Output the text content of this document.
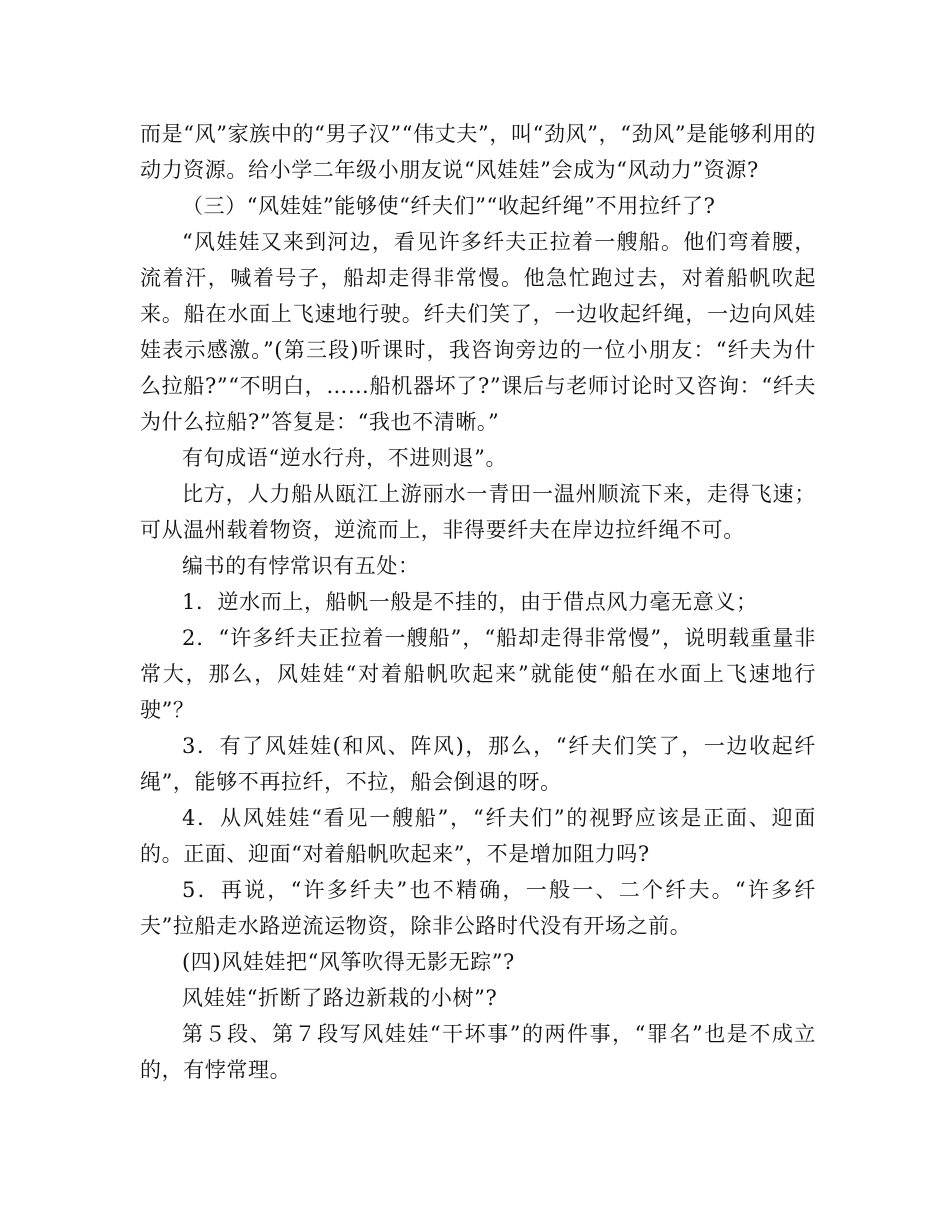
而是“风”家族中的“男子汉”“伟丈夫”，叫“劲风”，“劲风”是能够利用的动力资源。给小学二年级小朋友说“风娃娃”会成为“风动力”资源?

（三）“风娃娃”能够使“纤夫们”“收起纤绳”不用拉纤了?

“风娃娃又来到河边，看见许多纤夫正拉着一艘船。他们弯着腰，流着汗，喊着号子，船却走得非常慢。他急忙跑过去，对着船帆吹起来。船在水面上飞速地行驶。纤夫们笑了，一边收起纤绳，一边向风娃娃表示感激。”(第三段)听课时，我咨询旁边的一位小朋友：“纤夫为什么拉船?”“不明白，……船机器坏了?”课后与老师讨论时又咨询：“纤夫为什么拉船?”答复是：“我也不清晰。”

有句成语“逆水行舟，不进则退”。

比方，人力船从瓯江上游丽水一青田一温州顺流下来，走得飞速；可从温州载着物资，逆流而上，非得要纤夫在岸边拉纤绳不可。

编书的有悖常识有五处：

1．逆水而上，船帆一般是不挂的，由于借点风力毫无意义；

2．“许多纤夫正拉着一艘船”，“船却走得非常慢”，说明载重量非常大，那么，风娃娃“对着船帆吹起来”就能使“船在水面上飞速地行驶”？

3．有了风娃娃(和风、阵风)，那么，“纤夫们笑了，一边收起纤绳”，能够不再拉纤，不拉，船会倒退的呀。

4．从风娃娃“看见一艘船”，“纤夫们”的视野应该是正面、迎面的。正面、迎面“对着船帆吹起来”，不是增加阻力吗?

5．再说，“许多纤夫”也不精确，一般一、二个纤夫。“许多纤夫”拉船走水路逆流运物资，除非公路时代没有开场之前。

(四)风娃娃把“风筝吹得无影无踪”?

风娃娃“折断了路边新栽的小树”?

第５段、第７段写风娃娃“干坏事”的两件事，“罪名”也是不成立的，有悖常理。
